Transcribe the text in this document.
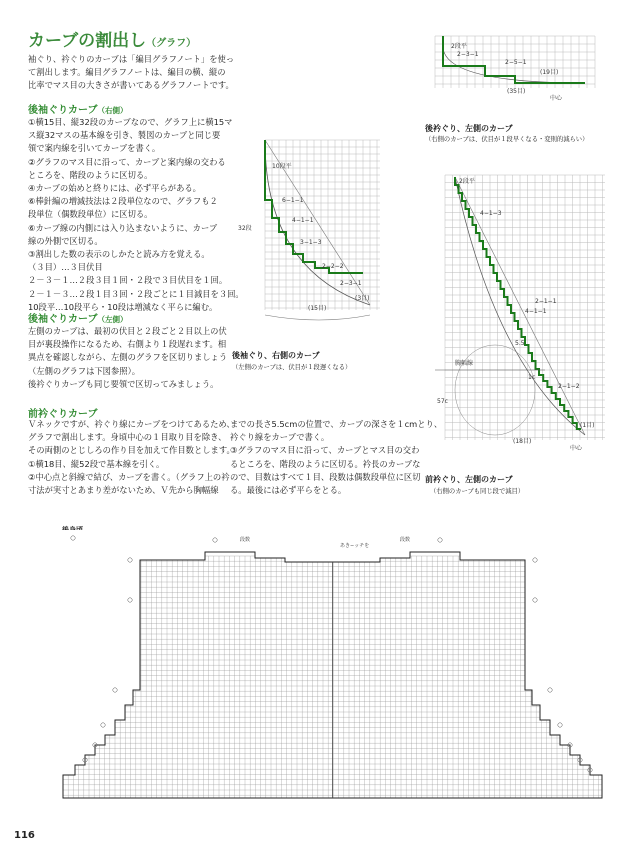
カーブの割出し（グラフ）
袖ぐり、衿ぐりのカーブは「編目グラフノート」を使っ
て割出します。編目グラフノートは、編目の横、縦の
比率でマス目の大きさが書いてあるグラフノートです。
後袖ぐりカーブ（右側）
①横15目、縦32段のカーブなので、グラフ上に横15マ
ス縦32マスの基本線を引き、製図のカーブと同じ要
領で案内線を引いてカーブを書く。
②グラフのマス目に沿って、カーブと案内線の交わる
ところを、階段のように区切る。
④カーブの始めと終りには、必ず平らがある。
⑥棒針編の増減技法は２段単位なので、グラフも２
段単位（偶数段単位）に区切る。
⑥カーブ線の内側には入り込まないように、カーブ
線の外側で区切る。
③割出した数の表示のしかたと読み方を覚える。
（３目）…３目伏目
２－３－１…２段３目１回・２段で３目伏目を１回。
２－１－３…２段１目３回・２段ごとに１目減目を３回。
10段平…10段平ら・10段は増減なく平らに編む。
後袖ぐりカーブ（左側）
左側のカーブは、最初の伏目と２段ごと２目以上の伏
目が裏段操作になるため、右側より１段遅れます。相
異点を確認しながら、左側のグラフを区切りましょう
（左側のグラフは下図参照）。
後衿ぐりカーブも同じ要領で区切ってみましょう。
前衿ぐりカーブ
Ｖネックですが、衿ぐり線にカーブをつけてあるため、
グラフで割出します。身頃中心の１目取り目を除き、
その両側のとじしろの作り目を加えて作目数とします。
①横18目、縦52段で基本線を引く。
②中心点と斜線で結び、カーブを書く。（グラフ上の衿
寸法が実寸とあまり差がないため、Ｖ先から胸幅線
までの長さ5.5cmの位置で、カーブの深さを１cmとり、
衿ぐり線をカーブで書く。
③グラフのマス目に沿って、カーブとマス目の交わ
るところを、階段のように区切る。衿長のカーブな
ので、目数はすべて１目、段数は偶数段単位に区切
る。最後には必ず平らをとる。
10段平
6−1−1
4−1−1
3−1−3
2−2−2
2−3−1
(3目)
(15目)
32段
後袖ぐり、右側のカーブ
（左側のカーブは、伏目が１段遅くなる）
2段平
2−3−1
2−5−1
(19目)
(35目)
中心
後衿ぐり、左側のカーブ
（右側のカーブは、伏目が１段早くなる・変則的減らい）
2段平
4−1−3
2−1−1
4−1−1
5.5
胸幅線
57c
1c
2−1−2
(1目)
(18目)
中心
前衿ぐり、左側のカーブ
（右側のカーブも同じ段で減目）
段数	段数
あき−ッチを
116
